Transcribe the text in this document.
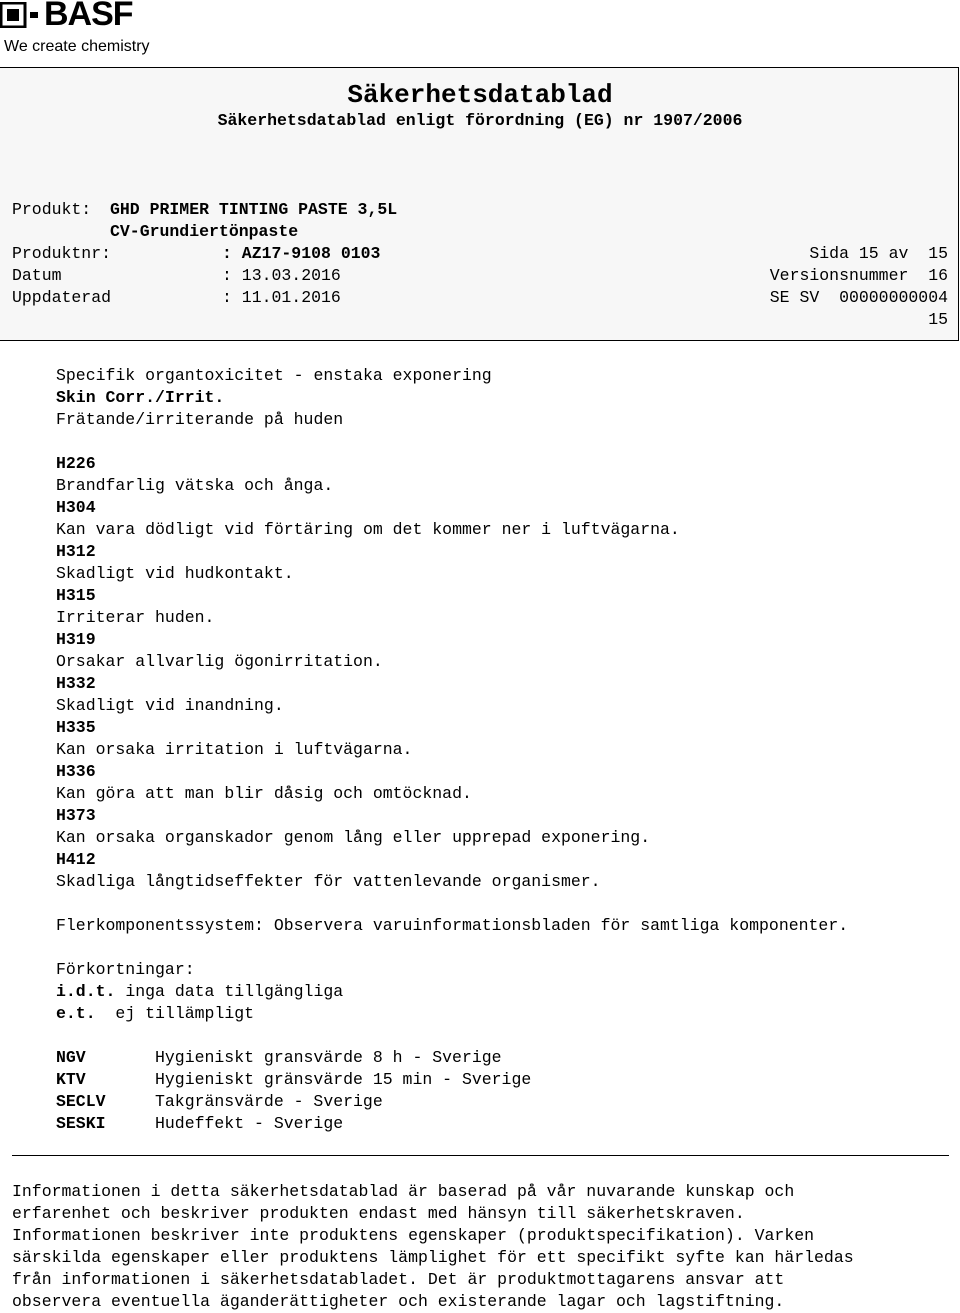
BASF
We create chemistry
Säkerhetsdatablad
Säkerhetsdatablad enligt förordning (EG) nr 1907/2006
Produkt: GHD PRIMER TINTING PASTE 3,5L
CV-Grundiertönpaste
Produktnr:	: AZ17-9108 0103	Sida 15 av  15
Datum	: 13.03.2016	Versionsnummer  16
Uppdaterad	: 11.01.2016	SE SV  00000000004
15
Specifik organtoxicitet - enstaka exponering
Skin Corr./Irrit.
Frätande/irriterande på huden
H226
Brandfarlig vätska och ånga.
H304
Kan vara dödligt vid förtäring om det kommer ner i luftvägarna.
H312
Skadligt vid hudkontakt.
H315
Irriterar huden.
H319
Orsakar allvarlig ögonirritation.
H332
Skadligt vid inandning.
H335
Kan orsaka irritation i luftvägarna.
H336
Kan göra att man blir dåsig och omtöcknad.
H373
Kan orsaka organskador genom lång eller upprepad exponering.
H412
Skadliga långtidseffekter för vattenlevande organismer.
Flerkomponentssystem: Observera varuinformationsbladen för samtliga komponenter.
Förkortningar:
i.d.t. inga data tillgängliga
e.t. ej tillämpligt
NGV	Hygieniskt gransvärde 8 h - Sverige
KTV	Hygieniskt gränsvärde 15 min - Sverige
SECLV	Takgränsvärde - Sverige
SESKI	Hudeffekt - Sverige
Informationen i detta säkerhetsdatablad är baserad på vår nuvarande kunskap och
erfarenhet och beskriver produkten endast med hänsyn till säkerhetskraven.
Informationen beskriver inte produktens egenskaper (produktspecifikation). Varken
särskilda egenskaper eller produktens lämplighet för ett specifikt syfte kan härledas
från informationen i säkerhetsdatabladet. Det är produktmottagarens ansvar att
observera eventuella äganderättigheter och existerande lagar och lagstiftning.
